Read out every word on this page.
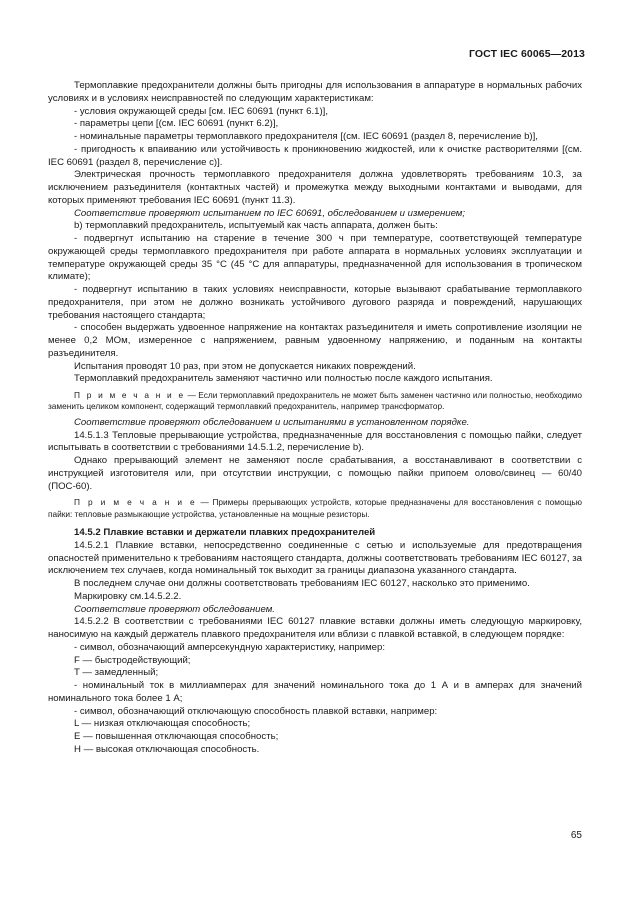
ГОСТ IEC 60065—2013

Термоплавкие предохранители должны быть пригодны для использования в аппаратуре в нормальных рабочих условиях и в условиях неисправностей по следующим характеристикам:

- условия окружающей среды [см. IEC 60691 (пункт 6.1)],

- параметры цепи [(см. IEC 60691 (пункт 6.2)],

- номинальные параметры термоплавкого предохранителя [(см. IEC 60691 (раздел 8, перечисление b)],

- пригодность к впаиванию или устойчивость к проникновению жидкостей, или к очистке растворителями [(см. IEC 60691 (раздел 8, перечисление c)].

Электрическая прочность термоплавкого предохранителя должна удовлетворять требованиям 10.3, за исключением разъединителя (контактных частей) и промежутка между выходными контактами и выводами, для которых применяют требования IEC 60691 (пункт 11.3).

Соответствие проверяют испытанием по IEC 60691, обследованием и измерением;

b) термоплавкий предохранитель, испытуемый как часть аппарата, должен быть:

- подвергнут испытанию на старение в течение 300 ч при температуре, соответствующей температуре окружающей среды термоплавкого предохранителя при работе аппарата в нормальных условиях эксплуатации и температуре окружающей среды 35 °С (45 °С для аппаратуры, предназначенной для использования в тропическом климате);

- подвергнут испытанию в таких условиях неисправности, которые вызывают срабатывание термоплавкого предохранителя, при этом не должно возникать устойчивого дугового разряда и повреждений, нарушающих требования настоящего стандарта;

- способен выдержать удвоенное напряжение на контактах разъединителя и иметь сопротивление изоляции не менее 0,2 МОм, измеренное с напряжением, равным удвоенному напряжению, и поданным на контакты разъединителя.

Испытания проводят 10 раз, при этом не допускается никаких повреждений.

Термоплавкий предохранитель заменяют частично или полностью после каждого испытания.

П р и м е ч а н и е — Если термоплавкий предохранитель не может быть заменен частично или полностью, необходимо заменить целиком компонент, содержащий термоплавкий предохранитель, например трансформатор.

Соответствие проверяют обследованием и испытаниями в установленном порядке.

14.5.1.3 Тепловые прерывающие устройства, предназначенные для восстановления с помощью пайки, следует испытывать в соответствии с требованиями 14.5.1.2, перечисление b).

Однако прерывающий элемент не заменяют после срабатывания, а восстанавливают в соответствии с инструкцией изготовителя или, при отсутствии инструкции, с помощью пайки припоем олово/свинец — 60/40 (ПОС-60).

П р и м е ч а н и е — Примеры прерывающих устройств, которые предназначены для восстановления с помощью пайки: тепловые размыкающие устройства, установленные на мощные резисторы.

14.5.2 Плавкие вставки и держатели плавких предохранителей

14.5.2.1 Плавкие вставки, непосредственно соединенные с сетью и используемые для предотвращения опасностей применительно к требованиям настоящего стандарта, должны соответствовать требованиям IEC 60127, за исключением тех случаев, когда номинальный ток выходит за границы диапазона указанного стандарта.

В последнем случае они должны соответствовать требованиям IEC 60127, насколько это применимо.

Маркировку см.14.5.2.2.

Соответствие проверяют обследованием.

14.5.2.2 В соответствии с требованиями IEC 60127 плавкие вставки должны иметь следующую маркировку, наносимую на каждый держатель плавкого предохранителя или вблизи с плавкой вставкой, в следующем порядке:

- символ, обозначающий амперсекундную характеристику, например:

F — быстродействующий;

T — замедленный;

- номинальный ток в миллиамперах для значений номинального тока до 1 А и в амперах для значений номинального тока более 1 А;

- символ, обозначающий отключающую способность плавкой вставки, например:

L — низкая отключающая способность;

E — повышенная отключающая способность;

H — высокая отключающая способность.

65
